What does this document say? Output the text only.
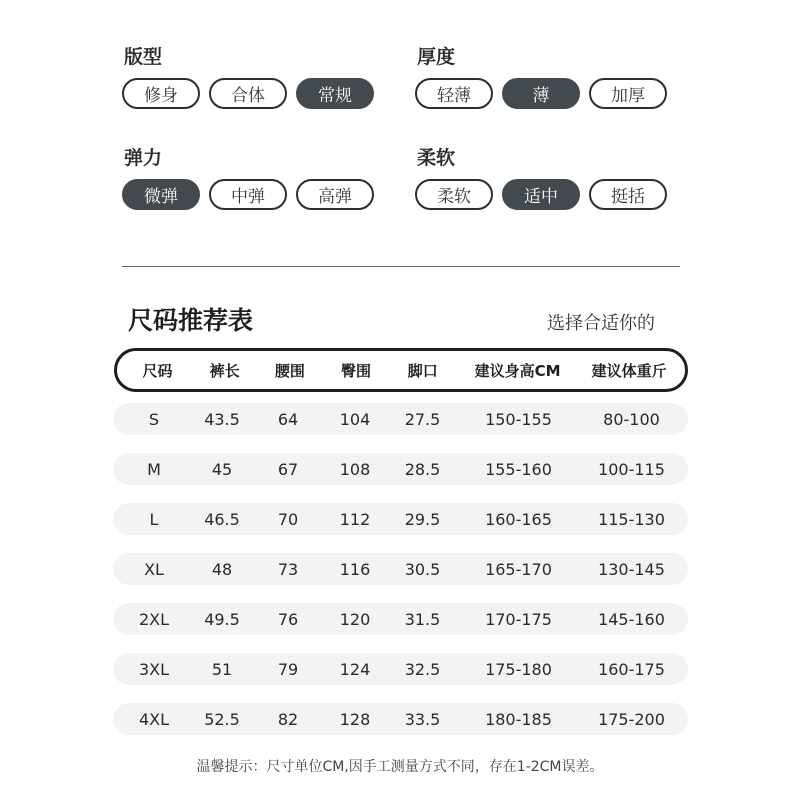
版型
修身	合体	常规
厚度
轻薄	薄	加厚
弹力
微弹	中弹	高弹
柔软
柔软	适中	挺括
尺码推荐表	选择合适你的
尺码	裤长	腰围	臀围	脚口	建议身高CM	建议体重斤
S	43.5	64	104	27.5	150-155	80-100
M	45	67	108	28.5	155-160	100-115
L	46.5	70	112	29.5	160-165	115-130
XL	48	73	116	30.5	165-170	130-145
2XL	49.5	76	120	31.5	170-175	145-160
3XL	51	79	124	32.5	175-180	160-175
4XL	52.5	82	128	33.5	180-185	175-200
温馨提示：尺寸单位CM,因手工测量方式不同，存在1-2CM误差。
